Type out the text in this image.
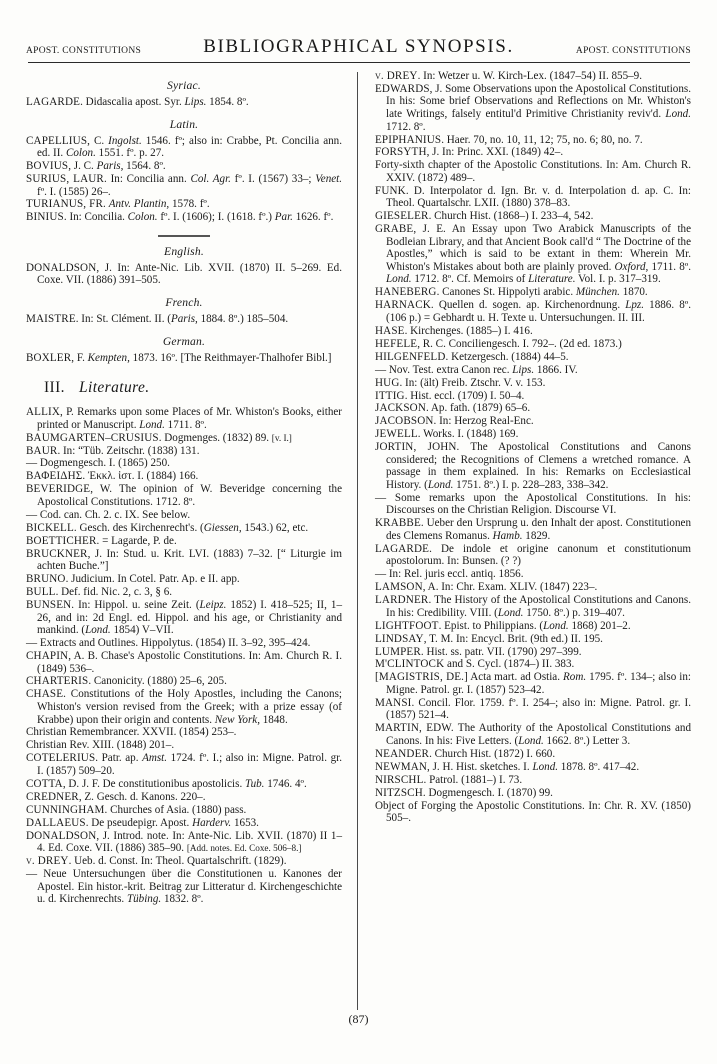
APOST. CONSTITUTIONS	BIBLIOGRAPHICAL SYNOPSIS.	APOST. CONSTITUTIONS
Syriac.

LAGARDE. Didascalia apost. Syr. Lips. 1854. 8º.

Latin.

CAPELLIUS, C. Ingolst. 1546. fº; also in: Crabbe, Pt. Concilia ann. ed. II. Colon. 1551. fº. p. 27.

BOVIUS, J. C. Paris, 1564. 8º.

SURIUS, LAUR. In: Concilia ann. Col. Agr. fº. I. (1567) 33–; Venet. fº. I. (1585) 26–.

TURIANUS, FR. Antv. Plantin, 1578. fº.

BINIUS. In: Concilia. Colon. fº. I. (1606); I. (1618. fº.) Par. 1626. fº.

English.

DONALDSON, J. In: Ante-Nic. Lib. XVII. (1870) II. 5–269. Ed. Coxe. VII. (1886) 391–505.

French.

MAISTRE. In: St. Clément. II. (Paris, 1884. 8º.) 185–504.

German.

BOXLER, F. Kempten, 1873. 16º. [The Reithmayer-Thalhofer Bibl.]

III. Literature.

ALLIX, P. Remarks upon some Places of Mr. Whiston's Books, either printed or Manuscript. Lond. 1711. 8º.

BAUMGARTEN–CRUSIUS. Dogmenges. (1832) 89. [v. I.]

BAUR. In: “Tüb. Zeitschr. (1838) 131.

— Dogmengesch. I. (1865) 250.

ΒΑΦΕΙΔΗΣ. Ἐκκλ. ἱστ. I. (1884) 166.

BEVERIDGE, W. The opinion of W. Beveridge concerning the Apostolical Constitutions. 1712. 8º.

— Cod. can. Ch. 2. c. IX. See below.

BICKELL. Gesch. des Kirchenrecht's. (Giessen, 1543.) 62, etc.

BOETTICHER. = Lagarde, P. de.

BRUCKNER, J. In: Stud. u. Krit. LVI. (1883) 7–32. [“ Liturgie im achten Buche.”]

BRUNO. Judicium. In Cotel. Patr. Ap. e II. app.

BULL. Def. fid. Nic. 2, c. 3, § 6.

BUNSEN. In: Hippol. u. seine Zeit. (Leipz. 1852) I. 418–525; II, 1–26, and in: 2d Engl. ed. Hippol. and his age, or Christianity and mankind. (Lond. 1854) V–VII.

— Extracts and Outlines. Hippolytus. (1854) II. 3–92, 395–424.

CHAPIN, A. B. Chase's Apostolic Constitutions. In: Am. Church R. I. (1849) 536–.

CHARTERIS. Canonicity. (1880) 25–6, 205.

CHASE. Constitutions of the Holy Apostles, including the Canons; Whiston's version revised from the Greek; with a prize essay (of Krabbe) upon their origin and contents. New York, 1848.

Christian Remembrancer. XXVII. (1854) 253–.

Christian Rev. XIII. (1848) 201–.

COTELERIUS. Patr. ap. Amst. 1724. fº. I.; also in: Migne. Patrol. gr. I. (1857) 509–20.

COTTA, D. J. F. De constitutionibus apostolicis. Tub. 1746. 4º.

CREDNER, Z. Gesch. d. Kanons. 220–.

CUNNINGHAM. Churches of Asia. (1880) pass.

DALLAEUS. De pseudepigr. Apost. Harderv. 1653.

DONALDSON, J. Introd. note. In: Ante-Nic. Lib. XVII. (1870) II 1–4. Ed. Coxe. VII. (1886) 385–90. [Add. notes. Ed. Coxe. 506–8.]

v. DREY. Ueb. d. Const. In: Theol. Quartalschrift. (1829).

— Neue Untersuchungen über die Constitutionen u. Kanones der Apostel. Ein histor.-krit. Beitrag zur Litteratur d. Kirchengeschichte u. d. Kirchenrechts. Tübing. 1832. 8º.

v. DREY. In: Wetzer u. W. Kirch-Lex. (1847–54) II. 855–9.

EDWARDS, J. Some Observations upon the Apostolical Constitutions. In his: Some brief Observations and Reflections on Mr. Whiston's late Writings, falsely entitul'd Primitive Christianity reviv'd. Lond. 1712. 8º.

EPIPHANIUS. Haer. 70, no. 10, 11, 12; 75, no. 6; 80, no. 7.

FORSYTH, J. In: Princ. XXI. (1849) 42–.

Forty-sixth chapter of the Apostolic Constitutions. In: Am. Church R. XXIV. (1872) 489–.

FUNK. D. Interpolator d. Ign. Br. v. d. Interpolation d. ap. C. In: Theol. Quartalschr. LXII. (1880) 378–83.

GIESELER. Church Hist. (1868–) I. 233–4, 542.

GRABE, J. E. An Essay upon Two Arabick Manuscripts of the Bodleian Library, and that Ancient Book call'd “ The Doctrine of the Apostles,” which is said to be extant in them: Wherein Mr. Whiston's Mistakes about both are plainly proved. Oxford, 1711. 8º. Lond. 1712. 8º. Cf. Memoirs of Literature. Vol. I. p. 317–319.

HANEBERG. Canones St. Hippolyti arabic. München. 1870.

HARNACK. Quellen d. sogen. ap. Kirchenordnung. Lpz. 1886. 8º. (106 p.) = Gebhardt u. H. Texte u. Untersuchungen. II. III.

HASE. Kirchenges. (1885–) I. 416.

HEFELE, R. C. Conciliengesch. I. 792–. (2d ed. 1873.)

HILGENFELD. Ketzergesch. (1884) 44–5.

— Nov. Test. extra Canon rec. Lips. 1866. IV.

HUG. In: (ält) Freib. Ztschr. V. v. 153.

ITTIG. Hist. eccl. (1709) I. 50–4.

JACKSON. Ap. fath. (1879) 65–6.

JACOBSON. In: Herzog Real-Enc.

JEWELL. Works. I. (1848) 169.

JORTIN, JOHN. The Apostolical Constitutions and Canons considered; the Recognitions of Clemens a wretched romance. A passage in them explained. In his: Remarks on Ecclesiastical History. (Lond. 1751. 8º.) I. p. 228–283, 338–342.

— Some remarks upon the Apostolical Constitutions. In his: Discourses on the Christian Religion. Discourse VI.

KRABBE. Ueber den Ursprung u. den Inhalt der apost. Constitutionen des Clemens Romanus. Hamb. 1829.

LAGARDE. De indole et origine canonum et constitutionum apostolorum. In: Bunsen. (? ?)

— In: Rel. juris eccl. antiq. 1856.

LAMSON, A. In: Chr. Exam. XLIV. (1847) 223–.

LARDNER. The History of the Apostolical Constitutions and Canons. In his: Credibility. VIII. (Lond. 1750. 8º.) p. 319–407.

LIGHTFOOT. Epist. to Philippians. (Lond. 1868) 201–2.

LINDSAY, T. M. In: Encycl. Brit. (9th ed.) II. 195.

LUMPER. Hist. ss. patr. VII. (1790) 297–399.

M'CLINTOCK and S. Cycl. (1874–) II. 383.

[MAGISTRIS, DE.] Acta mart. ad Ostia. Rom. 1795. fº. 134–; also in: Migne. Patrol. gr. I. (1857) 523–42.

MANSI. Concil. Flor. 1759. fº. I. 254–; also in: Migne. Patrol. gr. I. (1857) 521–4.

MARTIN, EDW. The Authority of the Apostolical Constitutions and Canons. In his: Five Letters. (Lond. 1662. 8º.) Letter 3.

NEANDER. Church Hist. (1872) I. 660.

NEWMAN, J. H. Hist. sketches. I. Lond. 1878. 8º. 417–42.

NIRSCHL. Patrol. (1881–) I. 73.

NITZSCH. Dogmengesch. I. (1870) 99.

Object of Forging the Apostolic Constitutions. In: Chr. R. XV. (1850) 505–.

(87)
